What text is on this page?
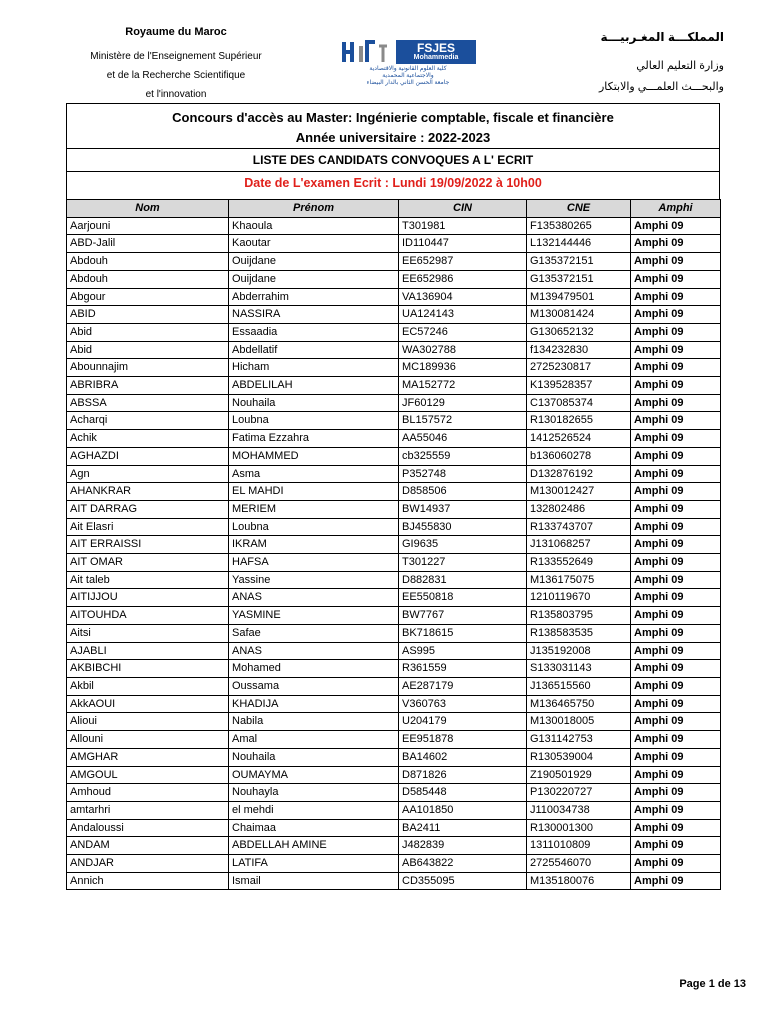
Royaume du Maroc
Ministère de l'Enseignement Supérieur
et de la Recherche Scientifique
et l'innovation
FSJES
Mohammedia
كلية العلوم القانونية والاقتصادية
والاجتماعية المحمدية
جامعة الحسن الثاني بالدار البيضاء
المملكـــة المغـربيـــة
وزارة التعليم العالي
والبحـــث العلمـــي والابتكار
Concours d'accès au Master: Ingénierie comptable, fiscale et financière
Année universitaire : 2022-2023
LISTE DES CANDIDATS CONVOQUES A L' ECRIT
Date de L'examen Ecrit : Lundi 19/09/2022 à 10h00
Nom	Prénom	CIN	CNE	Amphi
Aarjouni	Khaoula	T301981	F135380265	Amphi 09
ABD-Jalil	Kaoutar	ID110447	L132144446	Amphi 09
Abdouh	Ouijdane	EE652987	G135372151	Amphi 09
Abdouh	Ouijdane	EE652986	G135372151	Amphi 09
Abgour	Abderrahim	VA136904	M139479501	Amphi 09
ABID	NASSIRA	UA124143	M130081424	Amphi 09
Abid	Essaadia	EC57246	G130652132	Amphi 09
Abid	Abdellatif	WA302788	f134232830	Amphi 09
Abounnajim	Hicham	MC189936	2725230817	Amphi 09
ABRIBRA	ABDELILAH	MA152772	K139528357	Amphi 09
ABSSA	Nouhaila	JF60129	C137085374	Amphi 09
Acharqi	Loubna	BL157572	R130182655	Amphi 09
Achik	Fatima Ezzahra	AA55046	1412526524	Amphi 09
AGHAZDI	MOHAMMED	cb325559	b136060278	Amphi 09
Agn	Asma	P352748	D132876192	Amphi 09
AHANKRAR	EL MAHDI	D858506	M130012427	Amphi 09
AIT DARRAG	MERIEM	BW14937	132802486	Amphi 09
Ait Elasri	Loubna	BJ455830	R133743707	Amphi 09
AIT ERRAISSI	IKRAM	GI9635	J131068257	Amphi 09
AIT OMAR	HAFSA	T301227	R133552649	Amphi 09
Ait taleb	Yassine	D882831	M136175075	Amphi 09
AITIJJOU	ANAS	EE550818	1210119670	Amphi 09
AITOUHDA	YASMINE	BW7767	R135803795	Amphi 09
Aitsi	Safae	BK718615	R138583535	Amphi 09
AJABLI	ANAS	AS995	J135192008	Amphi 09
AKBIBCHI	Mohamed	R361559	S133031143	Amphi 09
Akbil	Oussama	AE287179	J136515560	Amphi 09
AkkAOUI	KHADIJA	V360763	M136465750	Amphi 09
Alioui	Nabila	U204179	M130018005	Amphi 09
Allouni	Amal	EE951878	G131142753	Amphi 09
AMGHAR	Nouhaila	BA14602	R130539004	Amphi 09
AMGOUL	OUMAYMA	D871826	Z190501929	Amphi 09
Amhoud	Nouhayla	D585448	P130220727	Amphi 09
amtarhri	el mehdi	AA101850	J110034738	Amphi 09
Andaloussi	Chaimaa	BA2411	R130001300	Amphi 09
ANDAM	ABDELLAH AMINE	J482839	1311010809	Amphi 09
ANDJAR	LATIFA	AB643822	2725546070	Amphi 09
Annich	Ismail	CD355095	M135180076	Amphi 09
Page 1 de 13
